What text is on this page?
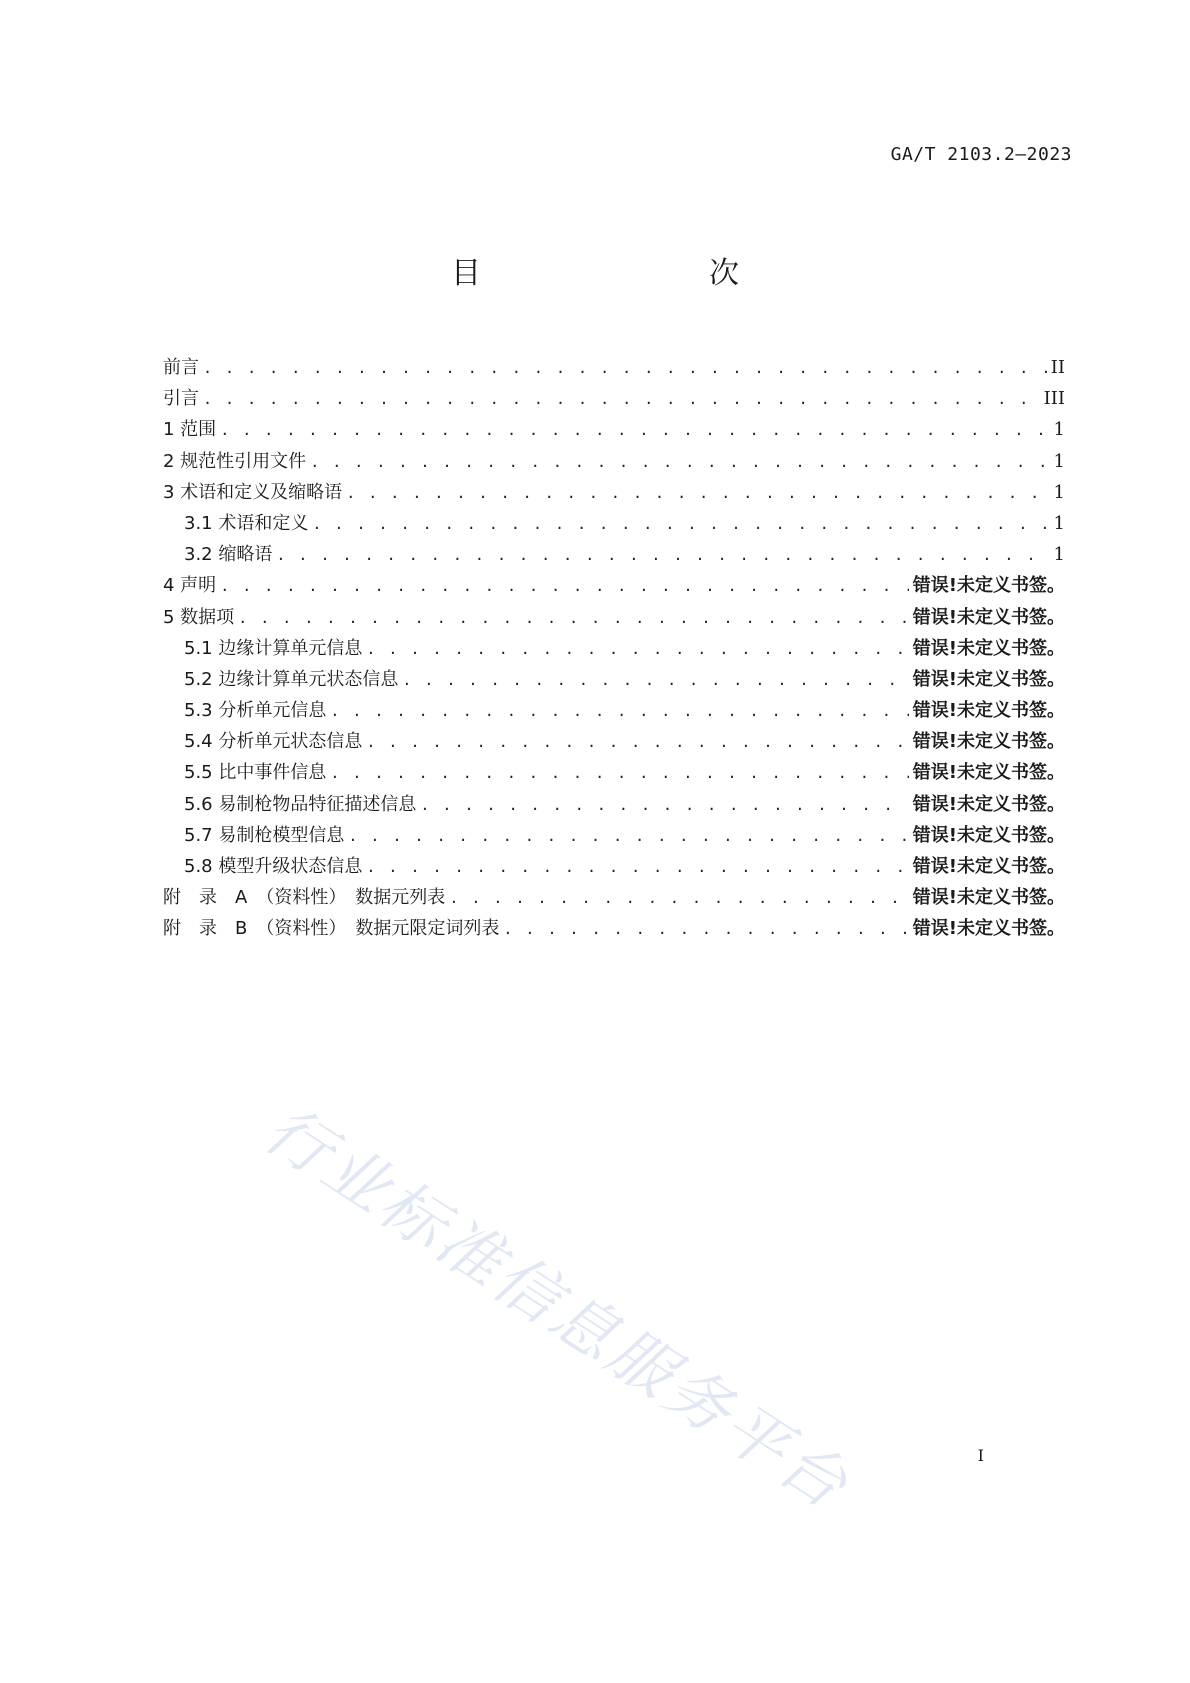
GA/T 2103.2—2023
目　　次
前言 . . .	II
引言 . . .	III
1 范围 . . .	1
2 规范性引用文件 . . .	1
3 术语和定义及缩略语 . . .	1
3.1 术语和定义 . . .	1
3.2 缩略语 . . .	1
4 声明 . . .	错误!未定义书签。
5 数据项 . . .	错误!未定义书签。
5.1 边缘计算单元信息 . . .	错误!未定义书签。
5.2 边缘计算单元状态信息 . . .	错误!未定义书签。
5.3 分析单元信息 . . .	错误!未定义书签。
5.4 分析单元状态信息 . . .	错误!未定义书签。
5.5 比中事件信息 . . .	错误!未定义书签。
5.6 易制枪物品特征描述信息 . . .	错误!未定义书签。
5.7 易制枪模型信息 . . .	错误!未定义书签。
5.8 模型升级状态信息 . . .	错误!未定义书签。
附　录　A　（资料性）　数据元列表 . . .	错误!未定义书签。
附　录　B　（资料性）　数据元限定词列表 . . .	错误!未定义书签。
行业标准信息服务平台	I
